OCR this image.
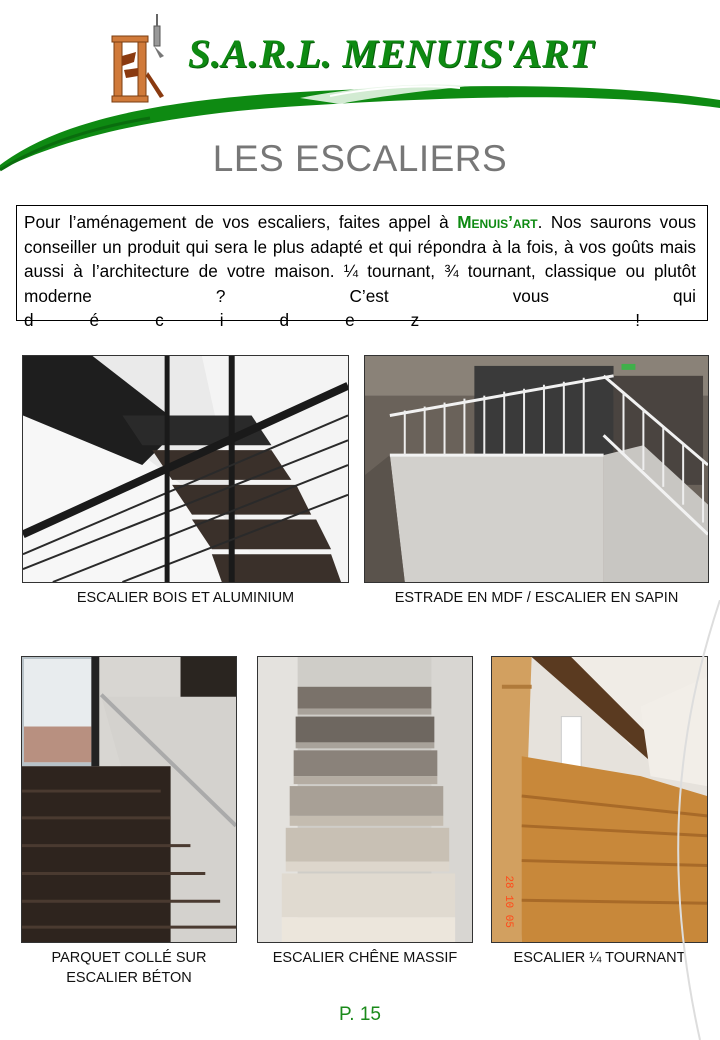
S.A.R.L. MENUIS'ART
LES ESCALIERS

Pour l’aménagement de vos escaliers, faites appel à Menuis’art. Nos saurons vous conseiller un produit qui sera le plus adapté et qui répondra à la fois, à vos goûts mais aussi à l’architecture de votre maison. ¼ tournant, ¾ tournant, classique ou plutôt moderne ? C’est vous qui

décidez !

ESCALIER BOIS ET ALUMINIUM	ESTRADE EN MDF / ESCALIER EN SAPIN
PARQUET COLLÉ SUR ESCALIER BÉTON
ESCALIER CHÊNE MASSIF
28 10 05
ESCALIER ¼ TOURNANT
P. 15
